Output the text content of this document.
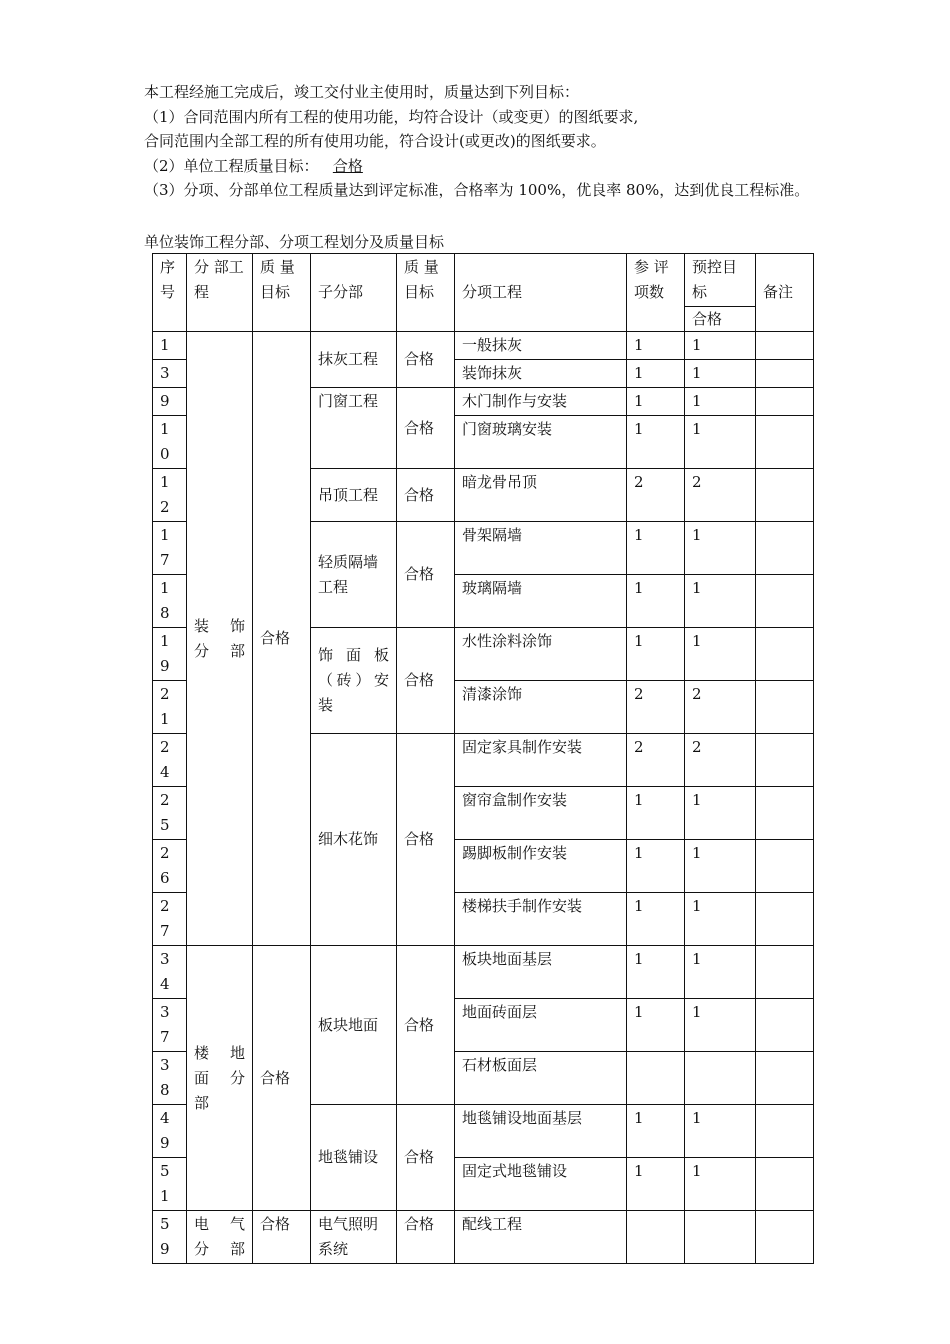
本工程经施工完成后，竣工交付业主使用时，质量达到下列目标：

（1）合同范围内所有工程的使用功能，均符合设计（或变更）的图纸要求,

合同范围内全部工程的所有使用功能，符合设计(或更改)的图纸要求。

（2）单位工程质量目标： 合格

（3）分项、分部单位工程质量达到评定标准，合格率为 100%，优良率 80%，达到优良工程标准。

单位装饰工程分部、分项工程划分及质量目标
序号	分 部工程	质 量 目标	子分部	质 量 目标	分项工程	参 评 项数	预控目标	备注
							合格	
1	装 饰 分部	合格	抹灰工程	合格	一般抹灰	1	1	
3					装饰抹灰	1	1	
9			门窗工程	合格	木门制作与安装	1	1	
10					门窗玻璃安装	1	1	
12			吊顶工程	合格	暗龙骨吊顶	2	2	
17			轻质隔墙工程	合格	骨架隔墙	1	1	
18					玻璃隔墙	1	1	
19			饰 面 板（砖）安装	合格	水性涂料涂饰	1	1	
21					清漆涂饰	2	2	
24			细木花饰	合格	固定家具制作安装	2	2	
25					窗帘盒制作安装	1	1	
26					踢脚板制作安装	1	1	
27					楼梯扶手制作安装	1	1	
34	楼 地 面 分 部	合格	板块地面	合格	板块地面基层	1	1	
37					地面砖面层	1	1	
38					石材板面层			
49			地毯铺设	合格	地毯铺设地面基层	1	1	
51					固定式地毯铺设	1	1	
59	电 气 分部	合格	电气照明系统	合格	配线工程			
